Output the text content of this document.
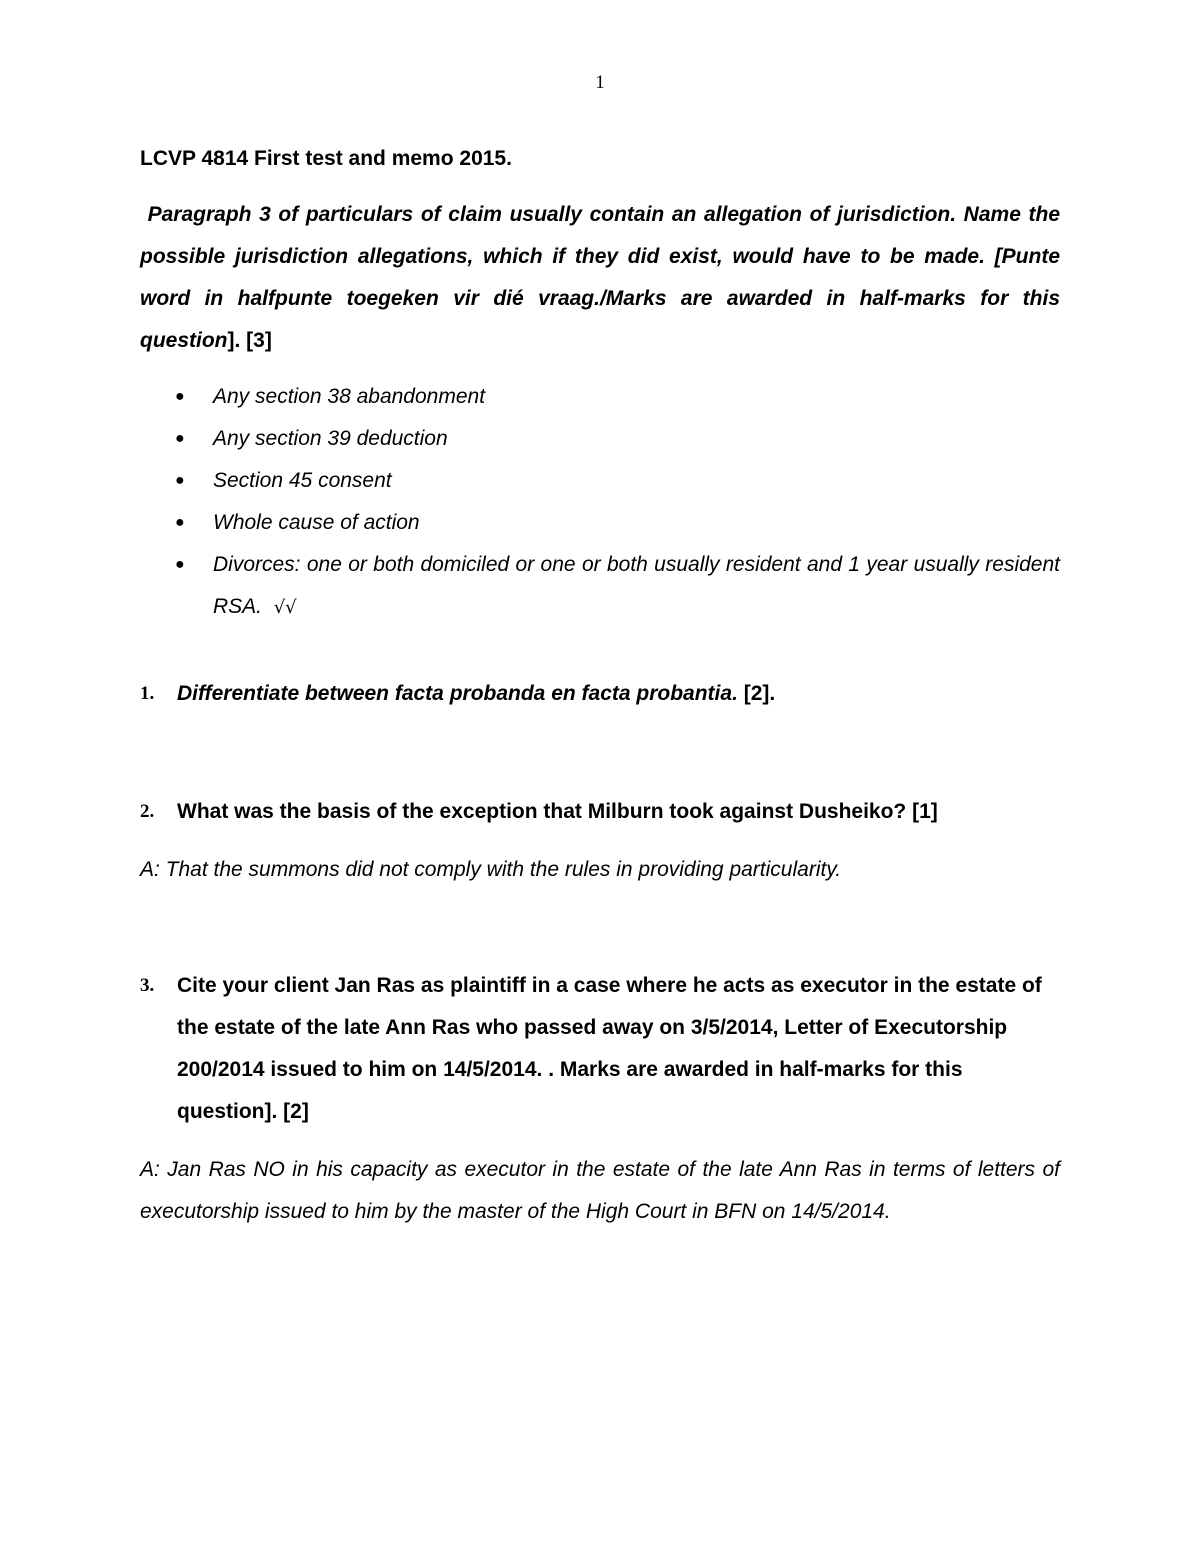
1

LCVP 4814 First test and memo 2015.

Paragraph 3 of particulars of claim usually contain an allegation of jurisdiction. Name the possible jurisdiction allegations, which if they did exist, would have to be made. [Punte word in halfpunte toegeken vir dié vraag./Marks are awarded in half-marks for this question]. [3]

● Any section 38 abandonment
● Any section 39 deduction
● Section 45 consent
● Whole cause of action
● Divorces: one or both domiciled or one or both usually resident and 1 year usually resident RSA. √√

1. Differentiate between facta probanda en facta probantia. [2].

2. What was the basis of the exception that Milburn took against Dusheiko? [1]

A: That the summons did not comply with the rules in providing particularity.

3. Cite your client Jan Ras as plaintiff in a case where he acts as executor in the estate of the estate of the late Ann Ras who passed away on 3/5/2014, Letter of Executorship 200/2014 issued to him on 14/5/2014. . Marks are awarded in half-marks for this question]. [2]

A: Jan Ras NO in his capacity as executor in the estate of the late Ann Ras in terms of letters of executorship issued to him by the master of the High Court in BFN on 14/5/2014.
